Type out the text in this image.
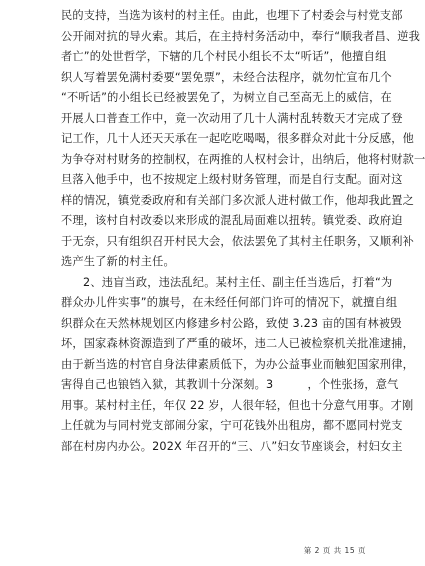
民的支持，当选为该村的村主任。由此，也埋下了村委会与村党支部
公开闹对抗的导火索。其后，在主持村务活动中，奉行“顺我者昌、逆我
者亡”的处世哲学，下辖的几个村民小组长不太“听话”，他擅自组
织人写着罢免满村委要“罢免票”，未经合法程序，就勿忙宣布几个
“不听话”的小组长已经被罢免了，为树立自己至高无上的威信，在
开展人口普查工作中，竟一次动用了几十人满村乱转数天才完成了登
记工作，几十人还天天承在一起吃吃喝喝，很多群众对此十分反感，他
为争夺对村财务的控制权，在两推的人权村会计，出纳后，他将村财款一
旦落入他手中，也不按规定上级村财务管理，而是自行支配。面对这
样的情况，镇党委政府和有关部门多次派人进村做工作，他却我此置之
不理，该村自村改委以来形成的混乱局面难以扭转。镇党委、政府迫
于无奈，只有组织召开村民大会，依法罢免了其村主任职务，又顺利补
选产生了新的村主任。
2、违盲当政，违法乱纪。某村主任、副主任当选后，打着“为
群众办儿件实事”的旗号，在未经任何部门许可的情况下，就擅自组
织群众在天然林规划区内修建乡村公路，致使 3.23 亩的国有林被毁
坏，国家森林资源造到了严重的破坏，违二人已被检察机关批准逮捕，
由于新当选的村官自身法律素质低下，为办公益事业而触犯国家刑律，
害得自己也锒铛入狱，其教训十分深刻。3　　　，个性张扬，意气
用事。某村村主任，年仅 22 岁，人很年轻，但也十分意气用事。才刚
上任就为与同村党支部闹分家，宁可花钱外出租房，都不愿同村党支
部在村房内办公。202X 年召开的“三、八”妇女节座谈会，村妇女主
第 2 页 共 15 页
